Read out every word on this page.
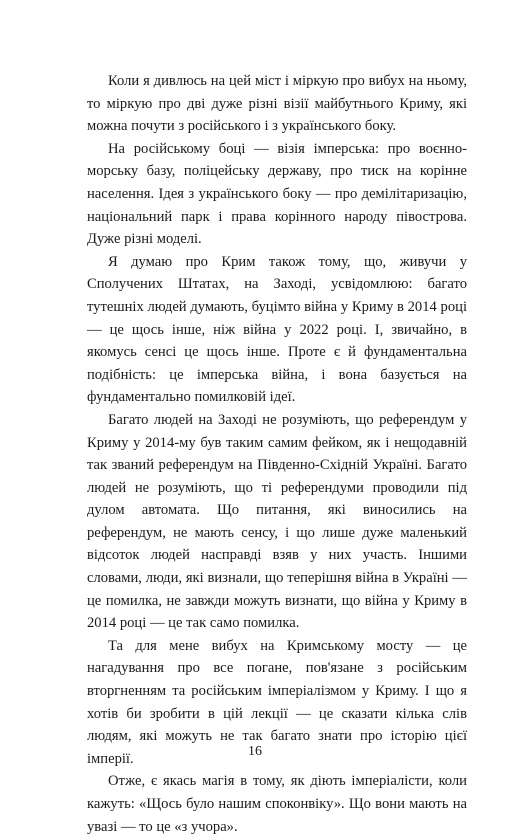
Коли я дивлюсь на цей міст і міркую про вибух на ньому, то міркую про дві дуже різні візії майбутнього Криму, які можна почути з російського і з українського боку.

На російському боці — візія імперська: про воєнно-морську базу, поліцейську державу, про тиск на корінне населення. Ідея з українського боку — про демілітаризацію, національний парк і права корінного народу півострова. Дуже різні моделі.

Я думаю про Крим також тому, що, живучи у Сполучених Штатах, на Заході, усвідомлюю: багато тутешніх людей думають, буцімто війна у Криму в 2014 році — це щось інше, ніж війна у 2022 році. І, звичайно, в якомусь сенсі це щось інше. Проте є й фундаментальна подібність: це імперська війна, і вона базується на фундаментально помилковій ідеї.

Багато людей на Заході не розуміють, що референдум у Криму у 2014-му був таким самим фейком, як і нещодавній так званий референдум на Південно-Східній Україні. Багато людей не розуміють, що ті референдуми проводили під дулом автомата. Що питання, які виносились на референдум, не мають сенсу, і що лише дуже маленький відсоток людей насправді взяв у них участь. Іншими словами, люди, які визнали, що теперішня війна в Україні — це помилка, не завжди можуть визнати, що війна у Криму в 2014 році — це так само помилка.

Та для мене вибух на Кримському мосту — це нагадування про все погане, пов'язане з російським вторгненням та російським імперіалізмом у Криму. І що я хотів би зробити в цій лекції — це сказати кілька слів людям, які можуть не так багато знати про історію цієї імперії.

Отже, є якась магія в тому, як діють імперіалісти, коли кажуть: «Щось було нашим споконвіку». Що вони мають на увазі — то це «з учора».

16
